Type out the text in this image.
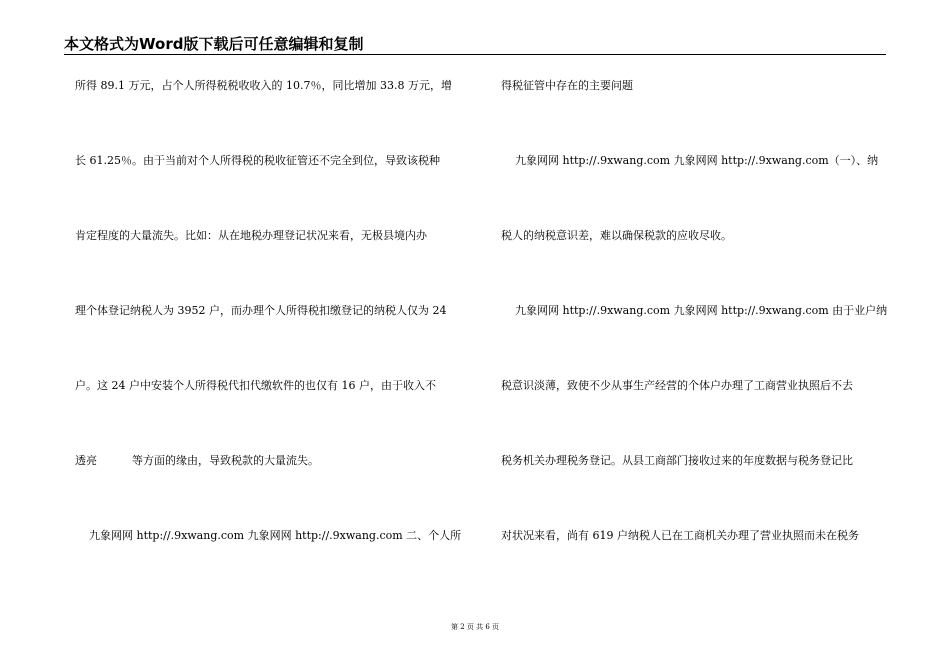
本文格式为Word版下载后可任意编辑和复制
所得 89.1 万元，占个人所得税税收收入的 10.7％，同比增加 33.8 万元，增
长 61.25％。由于当前对个人所得税的税收征管还不完全到位，导致该税种
肯定程度的大量流失。比如：从在地税办理登记状况来看，无极县境内办
理个体登记纳税人为 3952 户，而办理个人所得税扣缴登记的纳税人仅为 24
户。这 24 户中安装个人所得税代扣代缴软件的也仅有 16 户，由于收入不
透亮          等方面的缘由，导致税款的大量流失。
九象网网 http://.9xwang.com 九象网网 http://.9xwang.com 二、个人所
得税征管中存在的主要问题
九象网网 http://.9xwang.com 九象网网 http://.9xwang.com（一）、纳
税人的纳税意识差，难以确保税款的应收尽收。
九象网网 http://.9xwang.com 九象网网 http://.9xwang.com 由于业户纳
税意识淡薄，致使不少从事生产经营的个体户办理了工商营业执照后不去
税务机关办理税务登记。从县工商部门接收过来的年度数据与税务登记比
对状况来看，尚有 619 户纳税人已在工商机关办理了营业执照而未在税务
第 2 页 共 6 页
